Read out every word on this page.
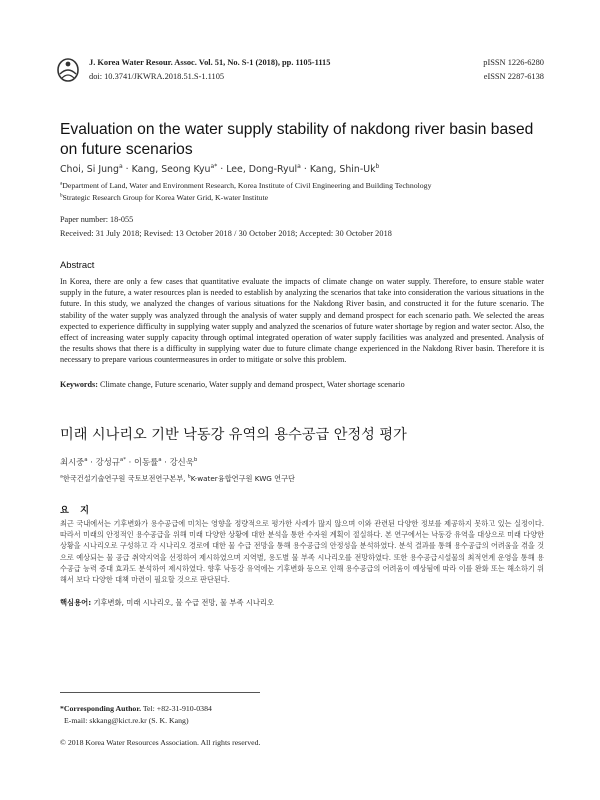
J. Korea Water Resour. Assoc. Vol. 51, No. S-1 (2018), pp. 1105-1115
doi: 10.3741/JKWRA.2018.51.S-1.1105
pISSN 1226-6280
eISSN 2287-6138
Evaluation on the water supply stability of nakdong river basin based on future scenarios
Choi, Si Jung$^a$ · Kang, Seong Kyu$^{a*}$ · Lee, Dong-Ryul$^a$ · Kang, Shin-Uk$^b$
$^a$Department of Land, Water and Environment Research, Korea Institute of Civil Engineering and Building Technology
$^b$Strategic Research Group for Korea Water Grid, K-water Institute
Paper number: 18-055
Received: 31 July 2018; Revised: 13 October 2018 / 30 October 2018; Accepted: 30 October 2018
Abstract
In Korea, there are only a few cases that quantitative evaluate the impacts of climate change on water supply. Therefore, to ensure stable water supply in the future, a water resources plan is needed to establish by analyzing the scenarios that take into consideration the various situations in the future. In this study, we analyzed the changes of various situations for the Nakdong River basin, and constructed it for the future scenario. The stability of the water supply was analyzed through the analysis of water supply and demand prospect for each scenario path. We selected the areas expected to experience difficulty in supplying water supply and analyzed the scenarios of future water shortage by region and water sector. Also, the effect of increasing water supply capacity through optimal integrated operation of water supply facilities was analyzed and presented. Analysis of the results shows that there is a difficulty in supplying water due to future climate change experienced in the Nakdong River basin. Therefore it is necessary to prepare various countermeasures in order to mitigate or solve this problem.
Keywords: Climate change, Future scenario, Water supply and demand prospect, Water shortage scenario
미래 시나리오 기반 낙동강 유역의 용수공급 안정성 평가
최시중$^a$ · 강성규$^{a*}$ · 이동률$^a$ · 강신욱$^b$
$^a$한국건설기술연구원 국토보전연구본부, $^b$K-water융합연구원 KWG 연구단
요 지
최근 국내에서는 기후변화가 용수공급에 미치는 영향을 정량적으로 평가한 사례가 많지 않으며 이와 관련된 다양한 정보를 제공하지 못하고 있는 실정이다. 따라서 미래의 안정적인 용수공급을 위해 미래 다양한 상황에 대한 분석을 통한 수자원 계획이 절실하다. 본 연구에서는 낙동강 유역을 대상으로 미래 다양한 상황을 시나리오로 구성하고 각 시나리오 경로에 대한 물 수급 전망을 통해 용수공급의 안정성을 분석하였다. 분석 결과를 통해 용수공급의 어려움을 겪을 것으로 예상되는 물 공급 취약지역을 선정하여 제시하였으며 지역별, 용도별 물 부족 시나리오를 전망하였다. 또한 용수공급시설물의 최적연계 운영을 통해 용수공급 능력 증대 효과도 분석하여 제시하였다. 향후 낙동강 유역에는 기후변화 등으로 인해 용수공급의 어려움이 예상됨에 따라 이를 완화 또는 해소하기 위해서 보다 다양한 대책 마련이 필요할 것으로 판단된다.
핵심용어: 기후변화, 미래 시나리오, 물 수급 전망, 물 부족 시나리오
*Corresponding Author. Tel: +82-31-910-0384
E-mail: skkang@kict.re.kr (S. K. Kang)
© 2018 Korea Water Resources Association. All rights reserved.
